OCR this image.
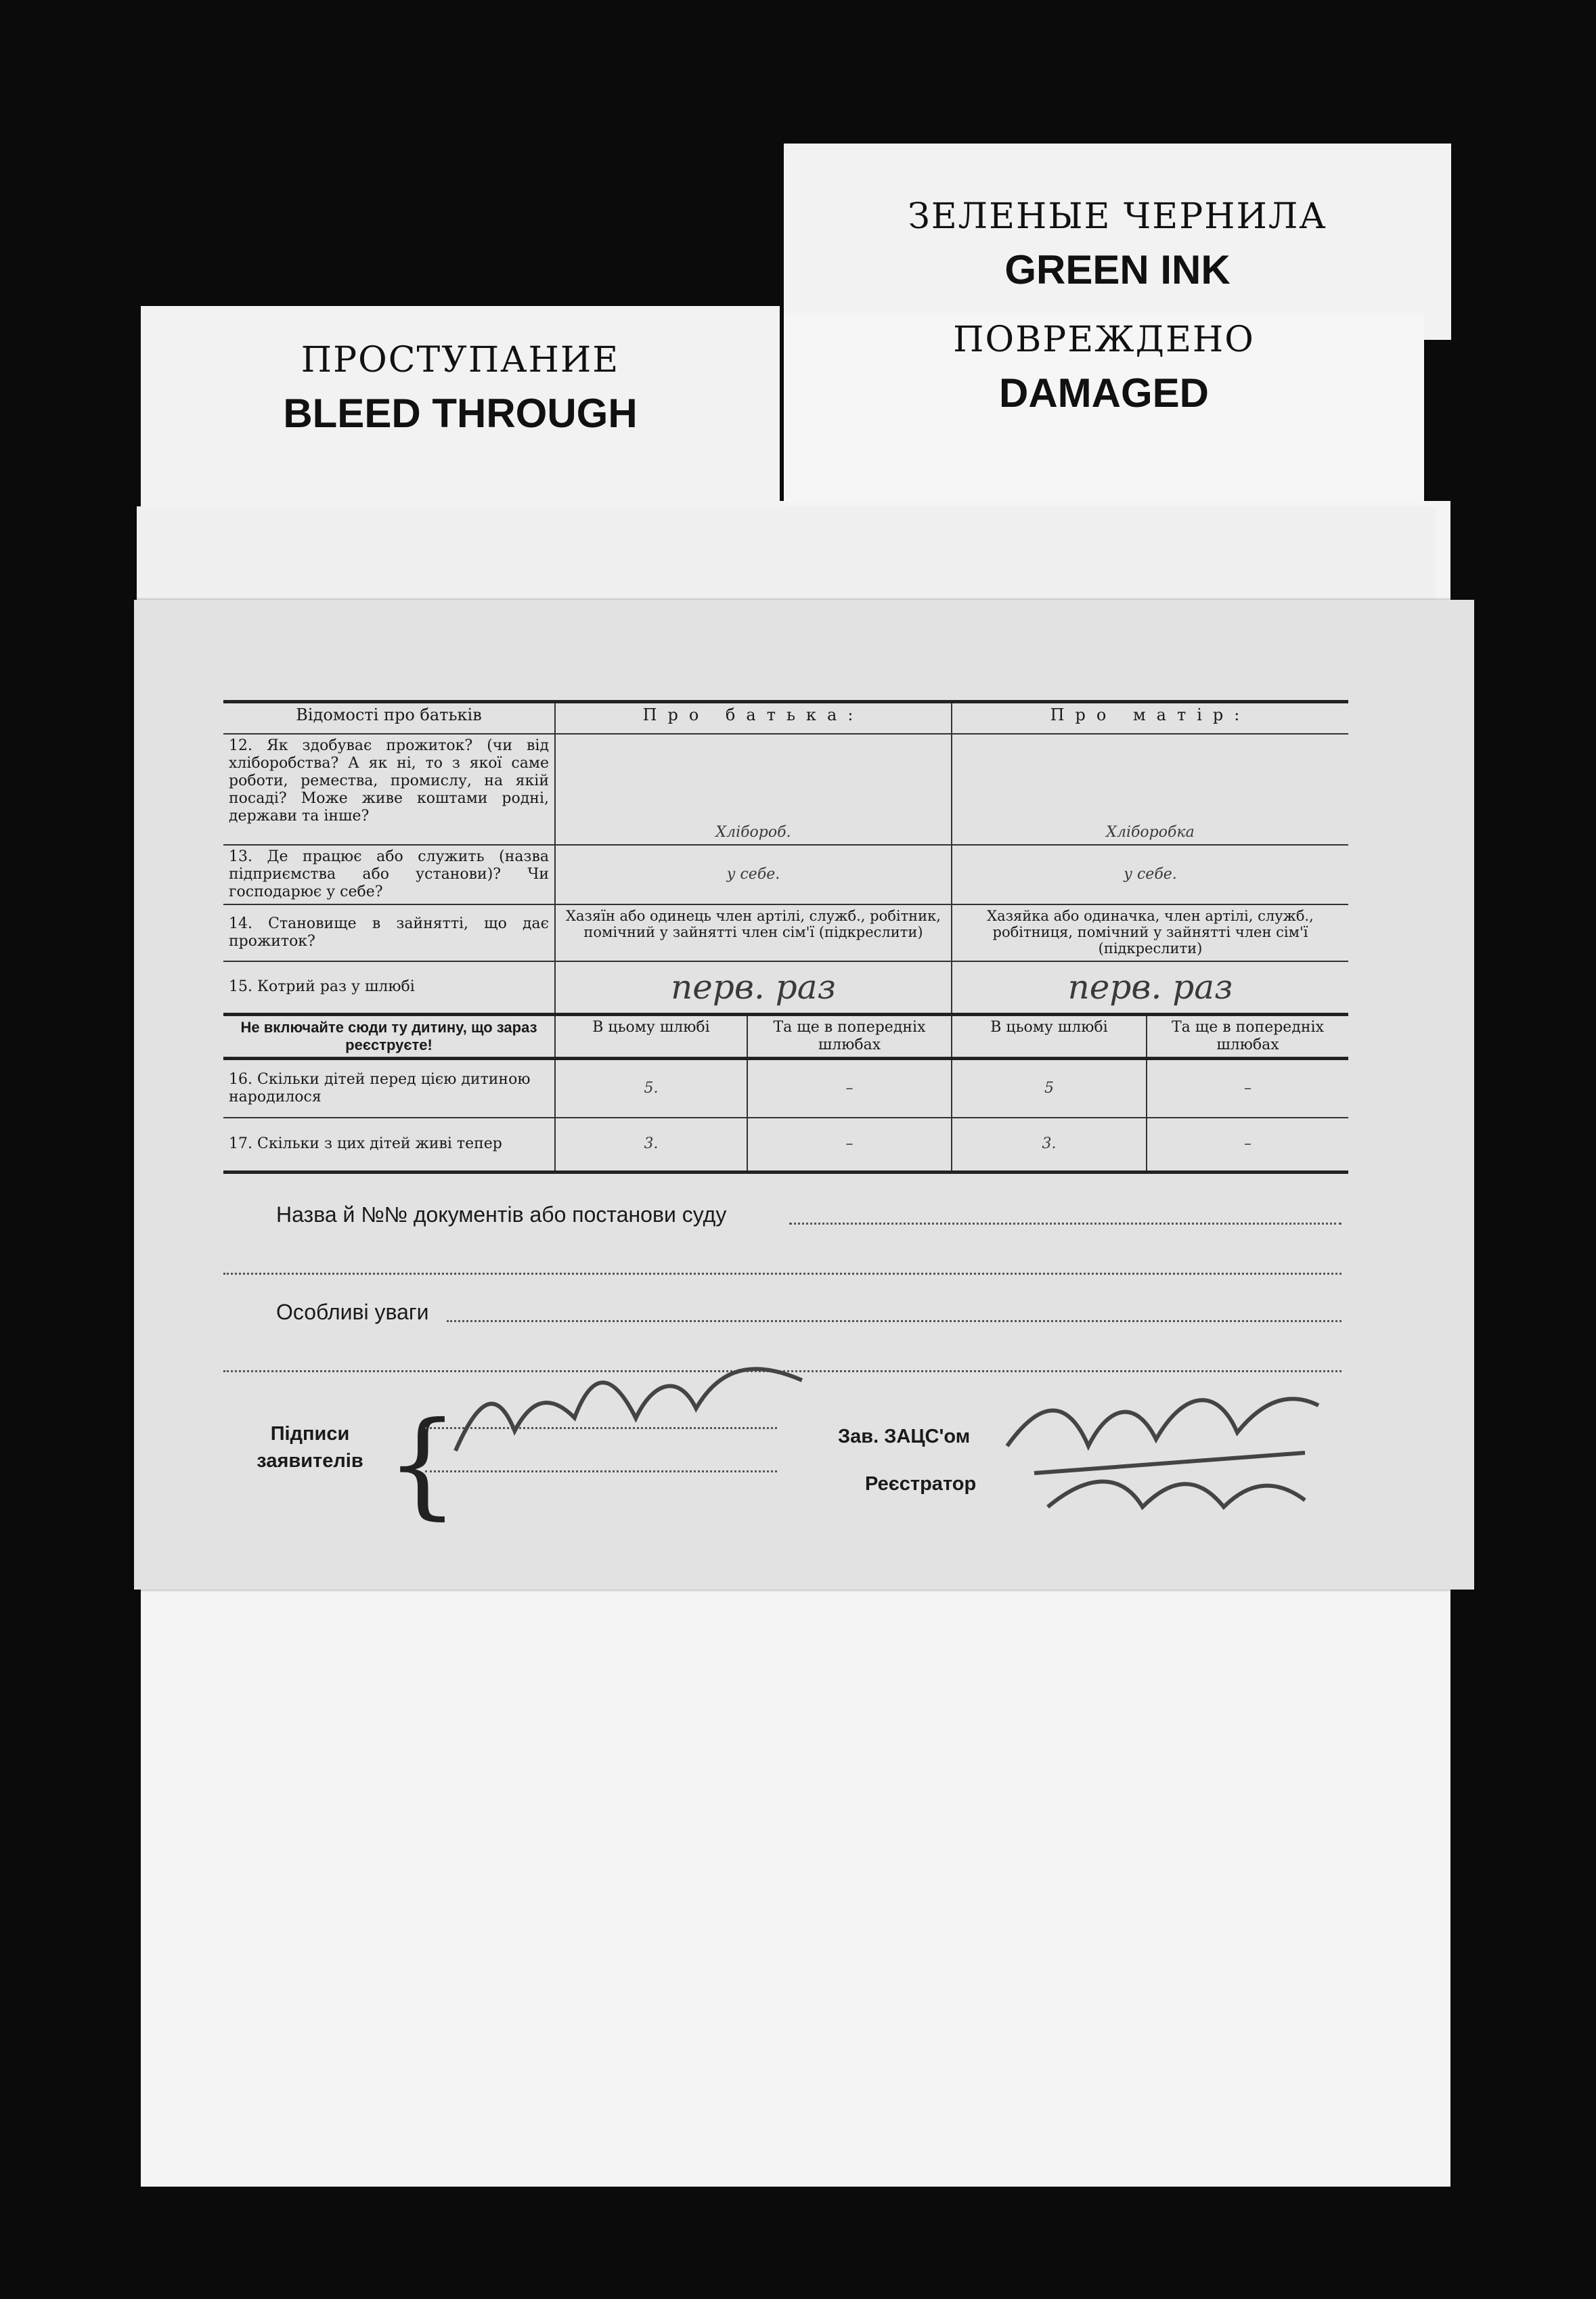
ЗЕЛЕНЫЕ ЧЕРНИЛА
GREEN INK
ПРОСТУПАНИЕ
BLEED THROUGH
ПОВРЕЖДЕНО
DAMAGED
Відомості про батьків	Про батька:		Про матір:	
12. Як здобуває прожиток? (чи від хліборобства? А як ні, то з якої саме роботи, ремества, промислу, на якій посаді? Може живе коштами родні, держави та інше?	Хлібороб.		Хліборобка	
13. Де працює або служить (назва підприємства або установи)? Чи господарює у себе?	у себе.		у себе.	
14. Становище в зайнятті, що дає прожиток?	Хазяїн або одинець член артілі, служб., робітник, помічний у зайнятті член сім'ї (підкреслити)		Хазяйка або одиначка, член артілі, служб., робітниця, помічний у зайнятті член сім'ї (підкреслити)	
15. Котрий раз у шлюбі	перв. раз		перв. раз	
Не включайте сюди ту дитину, що зараз реєструєте!	В цьому шлюбі	Та ще в попередніх шлюбах	В цьому шлюбі	Та ще в попередніх шлюбах
16. Скільки дітей перед цією дитиною народилося	5.	–	5	–
17. Скільки з цих дітей живі тепер	3.	–	3.	–
Назва й №№ документів або постанови суду
Особливі уваги
Підписи заявителів {	Зав. ЗАЦС'ом
Реєстратор
